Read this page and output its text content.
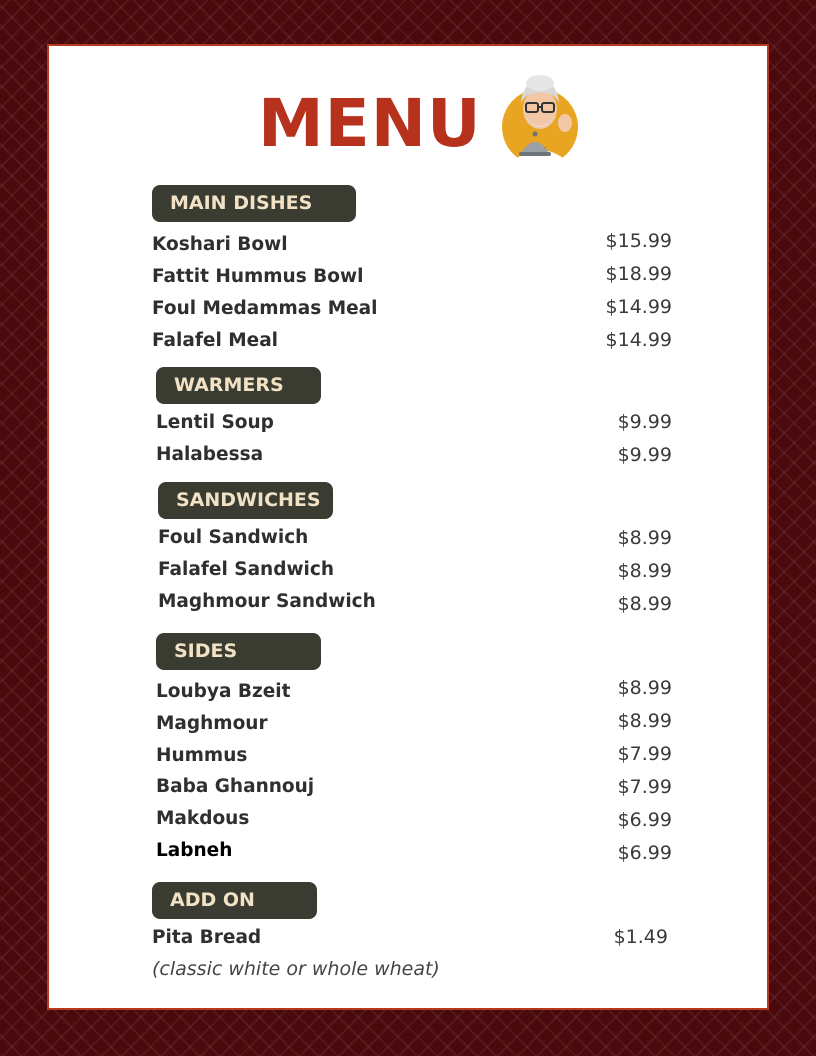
MENU
MAIN DISHES
Koshari Bowl	$15.99
Fattit Hummus Bowl	$18.99
Foul Medammas Meal	$14.99
Falafel Meal	$14.99
WARMERS
Lentil Soup	$9.99
Halabessa	$9.99
SANDWICHES
Foul Sandwich	$8.99
Falafel Sandwich	$8.99
Maghmour Sandwich	$8.99
SIDES
Loubya Bzeit	$8.99
Maghmour	$8.99
Hummus	$7.99
Baba Ghannouj	$7.99
Makdous	$6.99
Labneh	$6.99
ADD ON
Pita Bread	$1.49
(classic white or whole wheat)
